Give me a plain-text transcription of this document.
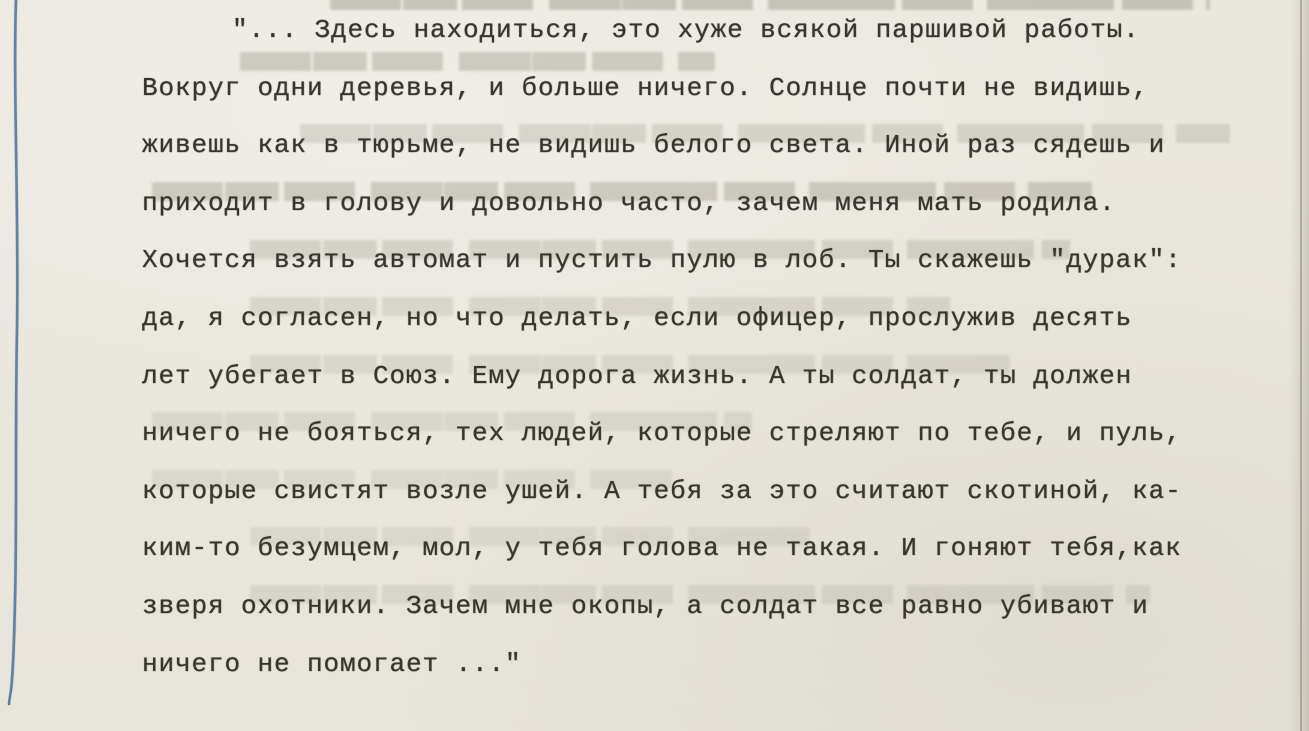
"... Здесь находиться, это хуже всякой паршивой работы.
Вокруг одни деревья, и больше ничего. Солнце почти не видишь,
живешь как в тюрьме, не видишь белого света. Иной раз сядешь и
приходит в голову и довольно часто, зачем меня мать родила.
Хочется взять автомат и пустить пулю в лоб. Ты скажешь "дурак":
да, я согласен, но что делать, если офицер, прослужив десять
лет убегает в Союз. Ему дорога жизнь. А ты солдат, ты должен
ничего не бояться, тех людей, которые стреляют по тебе, и пуль,
которые свистят возле ушей. А тебя за это считают скотиной, ка-
ким-то безумцем, мол, у тебя голова не такая. И гоняют тебя,как
зверя охотники. Зачем мне окопы, а солдат все равно убивают и
ничего не помогает ..."
